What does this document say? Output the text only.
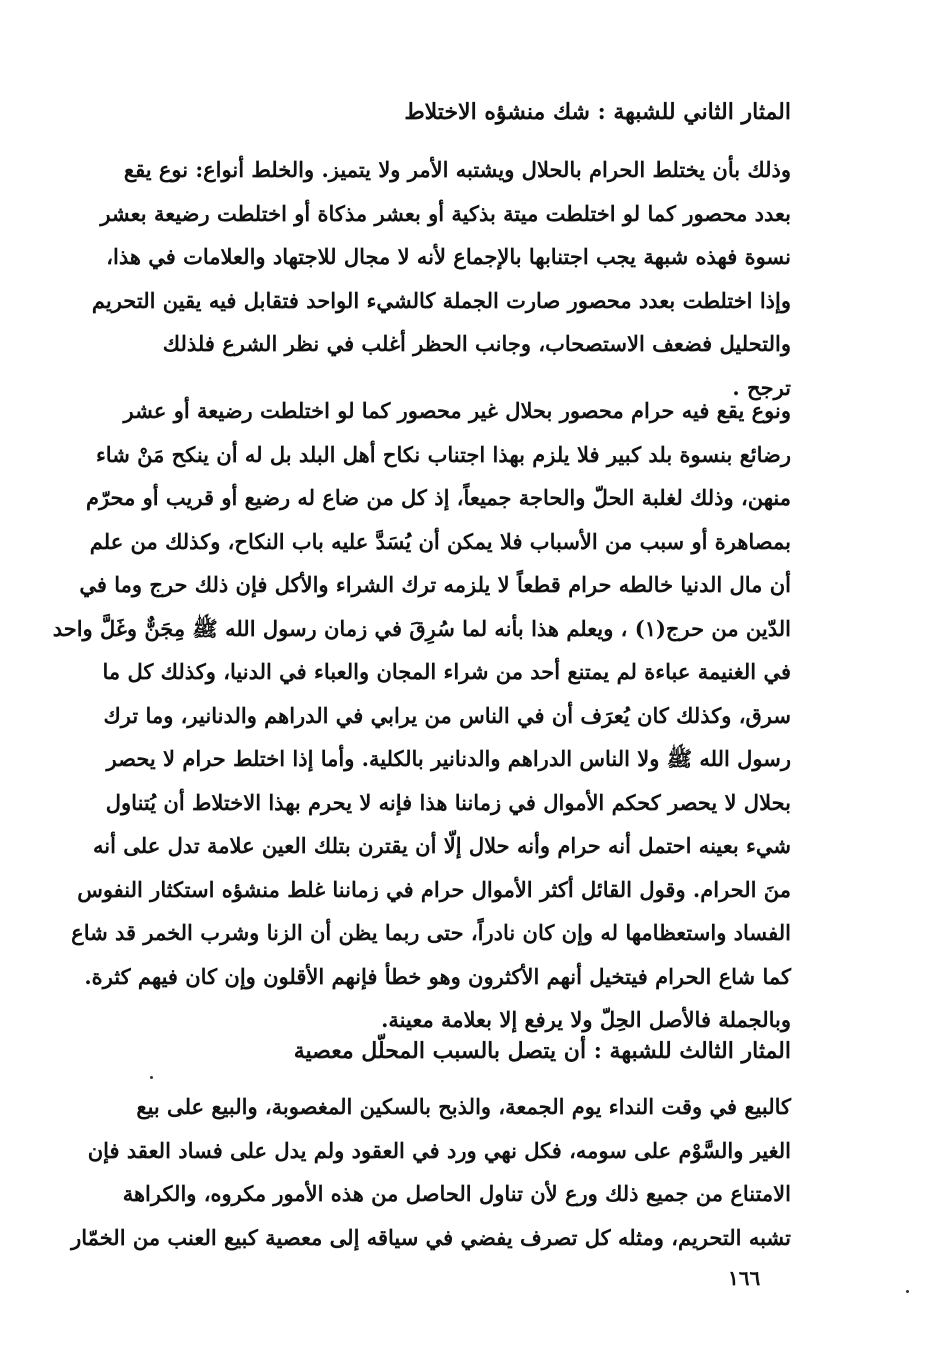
المثار الثاني للشبهة : شك منشؤه الاختلاط
وذلك بأن يختلط الحرام بالحلال ويشتبه الأمر ولا يتميز. والخلط أنواع: نوع يقع
بعدد محصور كما لو اختلطت ميتة بذكية أو بعشر مذكاة أو اختلطت رضيعة بعشر
نسوة فهذه شبهة يجب اجتنابها بالإجماع لأنه لا مجال للاجتهاد والعلامات في هذا،
وإذا اختلطت بعدد محصور صارت الجملة كالشيء الواحد فتقابل فيه يقين التحريم
والتحليل فضعف الاستصحاب، وجانب الحظر أغلب في نظر الشرع فلذلك
ترجح .
ونوع يقع فيه حرام محصور بحلال غير محصور كما لو اختلطت رضيعة أو عشر
رضائع بنسوة بلد كبير فلا يلزم بهذا اجتناب نكاح أهل البلد بل له أن ينكح مَنْ شاء
منهن، وذلك لغلبة الحلّ والحاجة جميعاً، إذ كل من ضاع له رضيع أو قريب أو محرّم
بمصاهرة أو سبب من الأسباب فلا يمكن أن يُسَدَّ عليه باب النكاح، وكذلك من علم
أن مال الدنيا خالطه حرام قطعاً لا يلزمه ترك الشراء والأكل فإن ذلك حرج وما في
الدّين من حرج(١) ، ويعلم هذا بأنه لما سُرِقَ في زمان رسول الله ﷺ مِجَنٌّ وغَلَّ واحد
في الغنيمة عباءة لم يمتنع أحد من شراء المجان والعباء في الدنيا، وكذلك كل ما
سرق، وكذلك كان يُعرَف أن في الناس من يرابي في الدراهم والدنانير، وما ترك
رسول الله ﷺ ولا الناس الدراهم والدنانير بالكلية. وأما إذا اختلط حرام لا يحصر
بحلال لا يحصر كحكم الأموال في زماننا هذا فإنه لا يحرم بهذا الاختلاط أن يُتناول
شيء بعينه احتمل أنه حرام وأنه حلال إلّا أن يقترن بتلك العين علامة تدل على أنه
منَ الحرام. وقول القائل أكثر الأموال حرام في زماننا غلط منشؤه استكثار النفوس
الفساد واستعظامها له وإن كان نادراً، حتى ربما يظن أن الزنا وشرب الخمر قد شاع
كما شاع الحرام فيتخيل أنهم الأكثرون وهو خطأ فإنهم الأقلون وإن كان فيهم كثرة.
وبالجملة فالأصل الحِلّ ولا يرفع إلا بعلامة معينة.
المثار الثالث للشبهة : أن يتصل بالسبب المحلّل معصية
كالبيع في وقت النداء يوم الجمعة، والذبح بالسكين المغصوبة، والبيع على بيع
الغير والسَّوْم على سومه، فكل نهي ورد في العقود ولم يدل على فساد العقد فإن
الامتناع من جميع ذلك ورع لأن تناول الحاصل من هذه الأمور مكروه، والكراهة
تشبه التحريم، ومثله كل تصرف يفضي في سياقه إلى معصية كبيع العنب من الخمّار
١٦٦
